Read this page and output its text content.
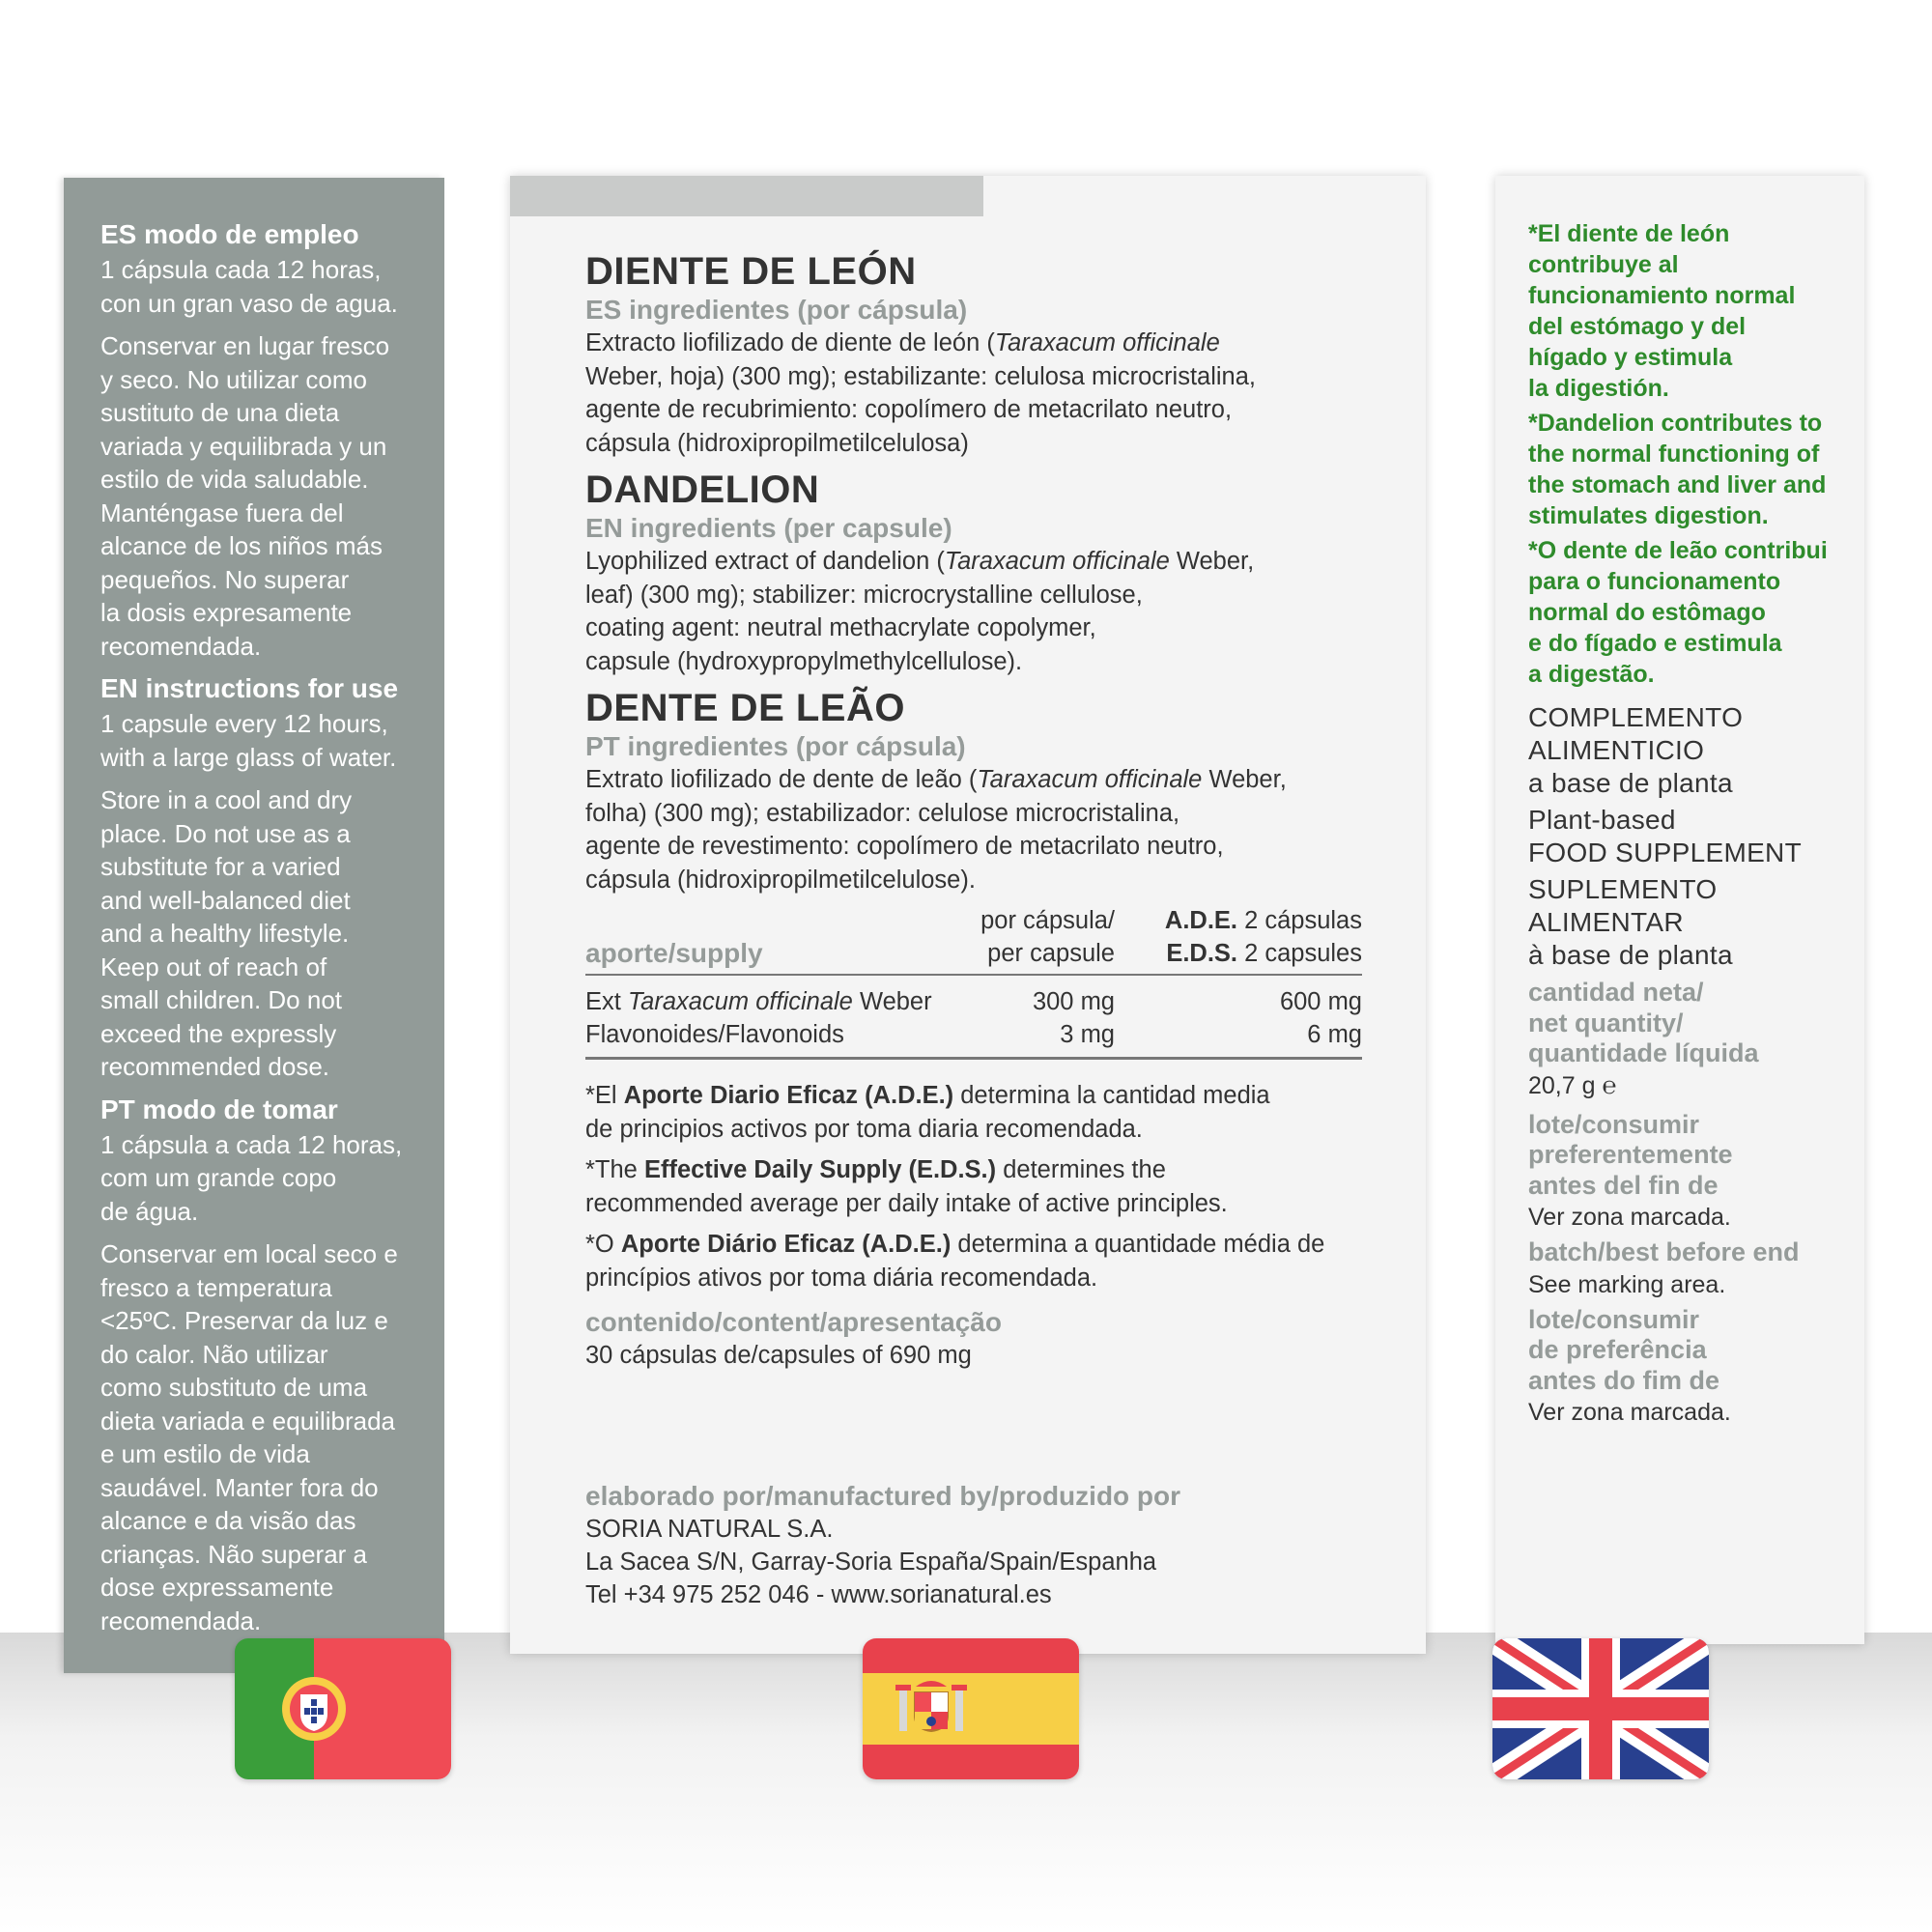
ES modo de empleo

1 cápsula cada 12 horas,
con un gran vaso de agua.

Conservar en lugar fresco
y seco. No utilizar como
sustituto de una dieta
variada y equilibrada y un
estilo de vida saludable.
Manténgase fuera del
alcance de los niños más
pequeños. No superar
la dosis expresamente
recomendada.

EN instructions for use

1 capsule every 12 hours,
with a large glass of water.

Store in a cool and dry
place. Do not use as a
substitute for a varied
and well-balanced diet
and a healthy lifestyle.
Keep out of reach of
small children. Do not
exceed the expressly
recommended dose.

PT modo de tomar

1 cápsula a cada 12 horas,
com um grande copo
de água.

Conservar em local seco e
fresco a temperatura
<25ºC. Preservar da luz e
do calor. Não utilizar
como substituto de uma
dieta variada e equilibrada
e um estilo de vida
saudável. Manter fora do
alcance e da visão das
crianças. Não superar a
dose expressamente
recomendada.

DIENTE DE LEÓN

ES ingredientes (por cápsula)

Extracto liofilizado de diente de león (Taraxacum officinale
Weber, hoja) (300 mg); estabilizante: celulosa microcristalina,
agente de recubrimiento: copolímero de metacrilato neutro,
cápsula (hidroxipropilmetilcelulosa)

DANDELION

EN ingredients (per capsule)

Lyophilized extract of dandelion (Taraxacum officinale Weber,
leaf) (300 mg); stabilizer: microcrystalline cellulose,
coating agent: neutral methacrylate copolymer,
capsule (hydroxypropylmethylcellulose).

DENTE DE LEÃO

PT ingredientes (por cápsula)

Extrato liofilizado de dente de leão (Taraxacum officinale Weber,
folha) (300 mg); estabilizador: celulose microcristalina,
agente de revestimento: copolímero de metacrilato neutro,
cápsula (hidroxipropilmetilcelulose).

	por cápsula/	A.D.E. 2 cápsulas
aporte/supply	per capsule	E.D.S. 2 capsules
Ext Taraxacum officinale Weber	300 mg	600 mg
Flavonoides/Flavonoids	3 mg	6 mg

*El Aporte Diario Eficaz (A.D.E.) determina la cantidad media
de principios activos por toma diaria recomendada.

*The Effective Daily Supply (E.D.S.) determines the
recommended average per daily intake of active principles.

*O Aporte Diário Eficaz (A.D.E.) determina a quantidade média de
princípios ativos por toma diária recomendada.

contenido/content/apresentação

30 cápsulas de/capsules of 690 mg

elaborado por/manufactured by/produzido por

SORIA NATURAL S.A.

La Sacea S/N, Garray-Soria España/Spain/Espanha

Tel +34 975 252 046 - www.sorianatural.es

*El diente de león
contribuye al
funcionamiento normal
del estómago y del
hígado y estimula
la digestión.

*Dandelion contributes to
the normal functioning of
the stomach and liver and
stimulates digestion.

*O dente de leão contribui
para o funcionamento
normal do estômago
e do fígado e estimula
a digestão.

COMPLEMENTO
ALIMENTICIO
a base de planta

Plant-based
FOOD SUPPLEMENT

SUPLEMENTO
ALIMENTAR
à base de planta

cantidad neta/
net quantity/
quantidade líquida

20,7 g ℮

lote/consumir
preferentemente
antes del fin de

Ver zona marcada.

batch/best before end

See marking area.

lote/consumir
de preferência
antes do fim de

Ver zona marcada.
